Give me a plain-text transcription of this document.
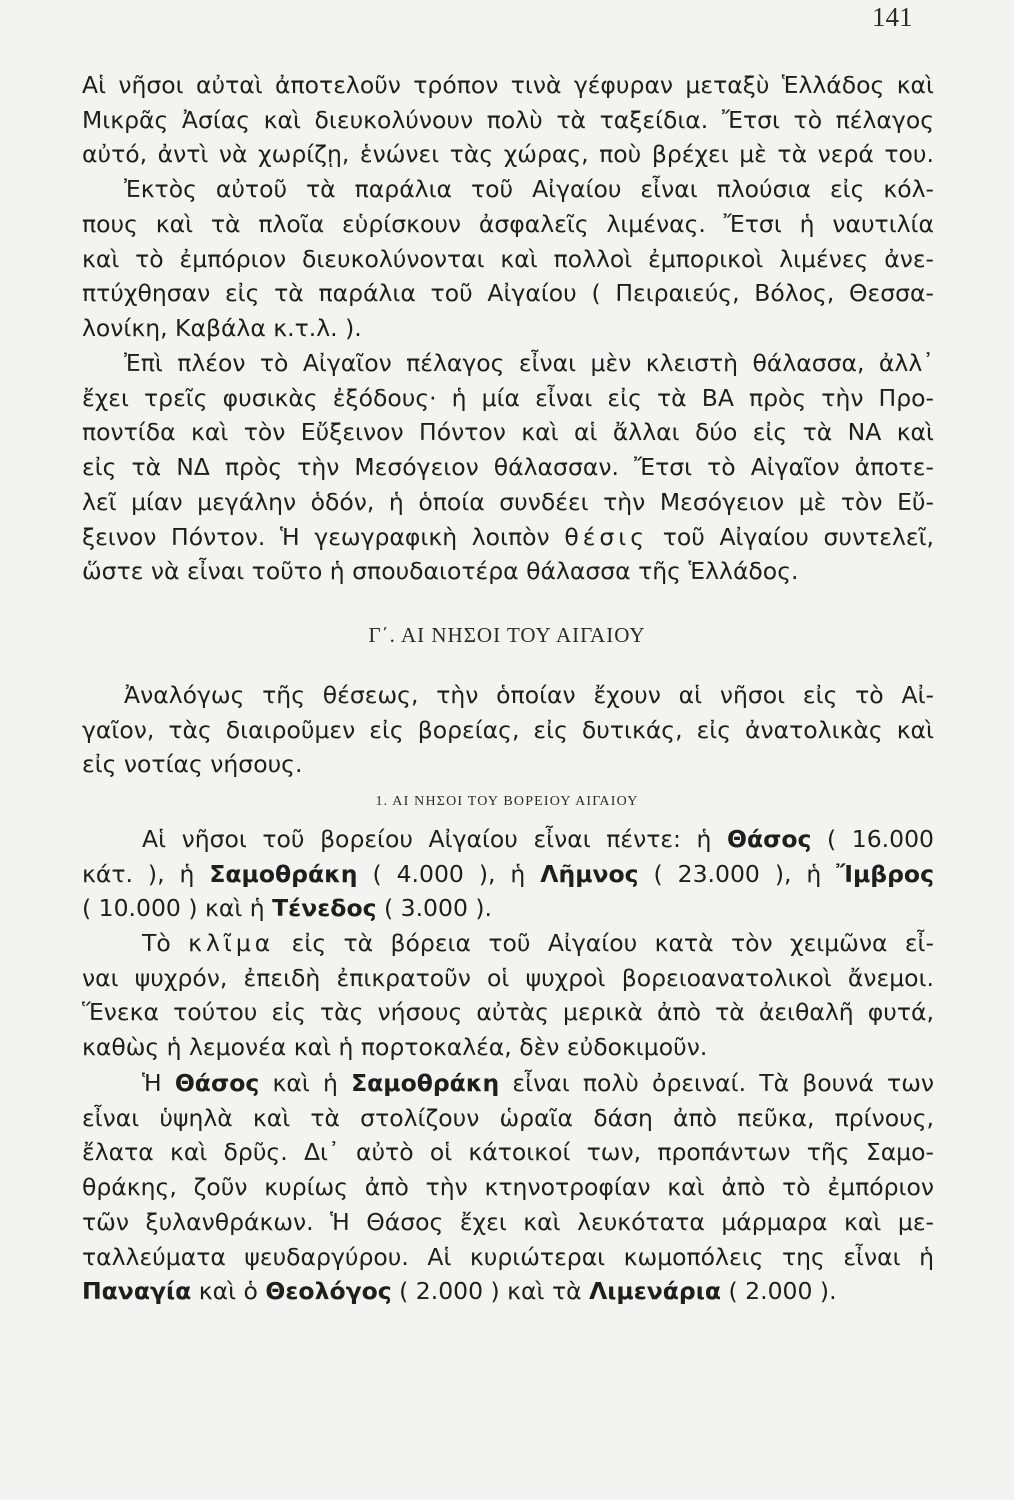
141
Αἱ νῆσοι αὐταὶ ἀποτελοῦν τρόπον τινὰ γέφυραν μεταξὺ Ἑλλάδος καὶ
Μικρᾶς Ἀσίας καὶ διευκολύνουν πολὺ τὰ ταξείδια. Ἔτσι τὸ πέλαγος
αὐτό, ἀντὶ νὰ χωρίζῃ, ἑνώνει τὰς χώρας, ποὺ βρέχει μὲ τὰ νερά του.
Ἐκτὸς αὐτοῦ τὰ παράλια τοῦ Αἰγαίου εἶναι πλούσια εἰς κόλ-
πους καὶ τὰ πλοῖα εὑρίσκουν ἀσφαλεῖς λιμένας. Ἔτσι ἡ ναυτιλία
καὶ τὸ ἐμπόριον διευκολύνονται καὶ πολλοὶ ἐμπορικοὶ λιμένες ἀνε-
πτύχθησαν εἰς τὰ παράλια τοῦ Αἰγαίου ( Πειραιεύς, Βόλος, Θεσσα-
λονίκη, Καβάλα κ.τ.λ. ).
Ἐπὶ πλέον τὸ Αἰγαῖον πέλαγος εἶναι μὲν κλειστὴ θάλασσα, ἀλλ᾽
ἔχει τρεῖς φυσικὰς ἐξόδους· ἡ μία εἶναι εἰς τὰ ΒΑ πρὸς τὴν Προ-
ποντίδα καὶ τὸν Εὔξεινον Πόντον καὶ αἱ ἄλλαι δύο εἰς τὰ ΝΑ καὶ
εἰς τὰ ΝΔ πρὸς τὴν Μεσόγειον θάλασσαν. Ἔτσι τὸ Αἰγαῖον ἀποτε-
λεῖ μίαν μεγάλην ὁδόν, ἡ ὁποία συνδέει τὴν Μεσόγειον μὲ τὸν Εὔ-
ξεινον Πόντον. Ἡ γεωγραφικὴ λοιπὸν θέσις τοῦ Αἰγαίου συντελεῖ,
ὥστε νὰ εἶναι τοῦτο ἡ σπουδαιοτέρα θάλασσα τῆς Ἑλλάδος.
Γ΄. ΑΙ ΝΗΣΟΙ ΤΟΥ ΑΙΓΑΙΟΥ
Ἀναλόγως τῆς θέσεως, τὴν ὁποίαν ἔχουν αἱ νῆσοι εἰς τὸ Αἰ-
γαῖον, τὰς διαιροῦμεν εἰς βορείας, εἰς δυτικάς, εἰς ἀνατολικὰς καὶ
εἰς νοτίας νήσους.
1. ΑΙ ΝΗΣΟΙ ΤΟΥ ΒΟΡΕΙΟΥ ΑΙΓΑΙΟΥ
Αἱ νῆσοι τοῦ βορείου Αἰγαίου εἶναι πέντε: ἡ Θάσος ( 16.000
κάτ. ), ἡ Σαμοθράκη ( 4.000 ), ἡ Λῆμνος ( 23.000 ), ἡ Ἴμβρος
( 10.000 ) καὶ ἡ Τένεδος ( 3.000 ).
Τὸ κλῖμα εἰς τὰ βόρεια τοῦ Αἰγαίου κατὰ τὸν χειμῶνα εἶ-
ναι ψυχρόν, ἐπειδὴ ἐπικρατοῦν οἱ ψυχροὶ βορειοανατολικοὶ ἄνεμοι.
Ἕνεκα τούτου εἰς τὰς νήσους αὐτὰς μερικὰ ἀπὸ τὰ ἀειθαλῆ φυτά,
καθὼς ἡ λεμονέα καὶ ἡ πορτοκαλέα, δὲν εὐδοκιμοῦν.
Ἡ Θάσος καὶ ἡ Σαμοθράκη εἶναι πολὺ ὀρειναί. Τὰ βουνά των
εἶναι ὑψηλὰ καὶ τὰ στολίζουν ὡραῖα δάση ἀπὸ πεῦκα, πρίνους,
ἔλατα καὶ δρῦς. Δι᾽ αὐτὸ οἱ κάτοικοί των, προπάντων τῆς Σαμο-
θράκης, ζοῦν κυρίως ἀπὸ τὴν κτηνοτροφίαν καὶ ἀπὸ τὸ ἐμπόριον
τῶν ξυλανθράκων. Ἡ Θάσος ἔχει καὶ λευκότατα μάρμαρα καὶ με-
ταλλεύματα ψευδαργύρου. Αἱ κυριώτεραι κωμοπόλεις της εἶναι ἡ
Παναγία καὶ ὁ Θεολόγος ( 2.000 ) καὶ τὰ Λιμενάρια ( 2.000 ).
